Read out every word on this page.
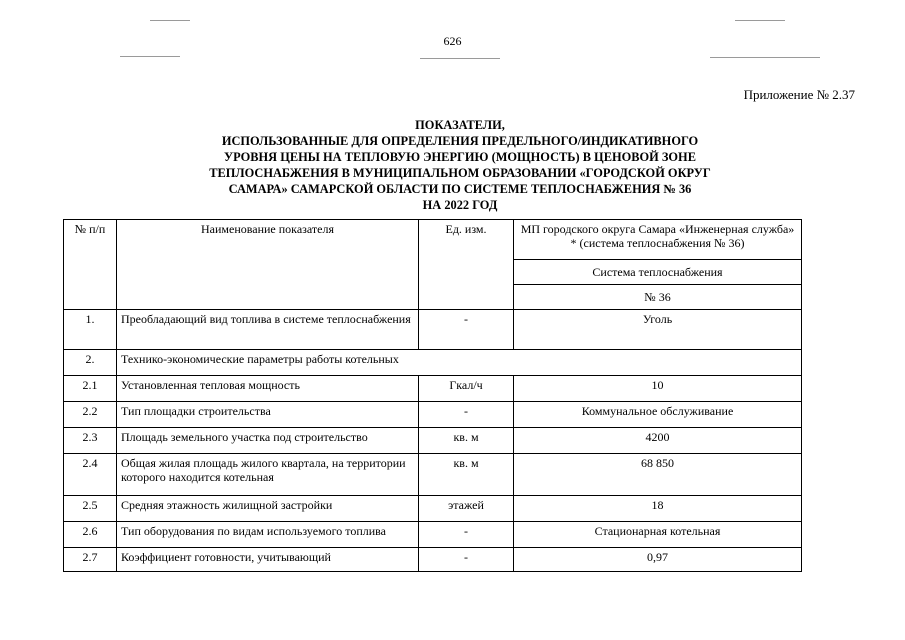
626
Приложение № 2.37
ПОКАЗАТЕЛИ,
ИСПОЛЬЗОВАННЫЕ ДЛЯ ОПРЕДЕЛЕНИЯ ПРЕДЕЛЬНОГО/ИНДИКАТИВНОГО
УРОВНЯ ЦЕНЫ НА ТЕПЛОВУЮ ЭНЕРГИЮ (МОЩНОСТЬ) В ЦЕНОВОЙ ЗОНЕ
ТЕПЛОСНАБЖЕНИЯ В МУНИЦИПАЛЬНОМ ОБРАЗОВАНИИ «ГОРОДСКОЙ ОКРУГ
САМАРА» САМАРСКОЙ ОБЛАСТИ ПО СИСТЕМЕ ТЕПЛОСНАБЖЕНИЯ № 36
НА 2022 ГОД
№ п/п	Наименование показателя	Ед. изм.	МП городского округа Самара «Инженерная служба» * (система теплоснабжения № 36)
			Система теплоснабжения
			№ 36
1.	Преобладающий вид топлива в системе теплоснабжения	-	Уголь
2.	Технико-экономические параметры работы котельных		
2.1	Установленная тепловая мощность	Гкал/ч	10
2.2	Тип площадки строительства	-	Коммунальное обслуживание
2.3	Площадь земельного участка под строительство	кв. м	4200
2.4	Общая жилая площадь жилого квартала, на территории которого находится котельная	кв. м	68 850
2.5	Средняя этажность жилищной застройки	этажей	18
2.6	Тип оборудования по видам используемого топлива	-	Стационарная котельная
2.7	Коэффициент готовности, учитывающий	-	0,97
